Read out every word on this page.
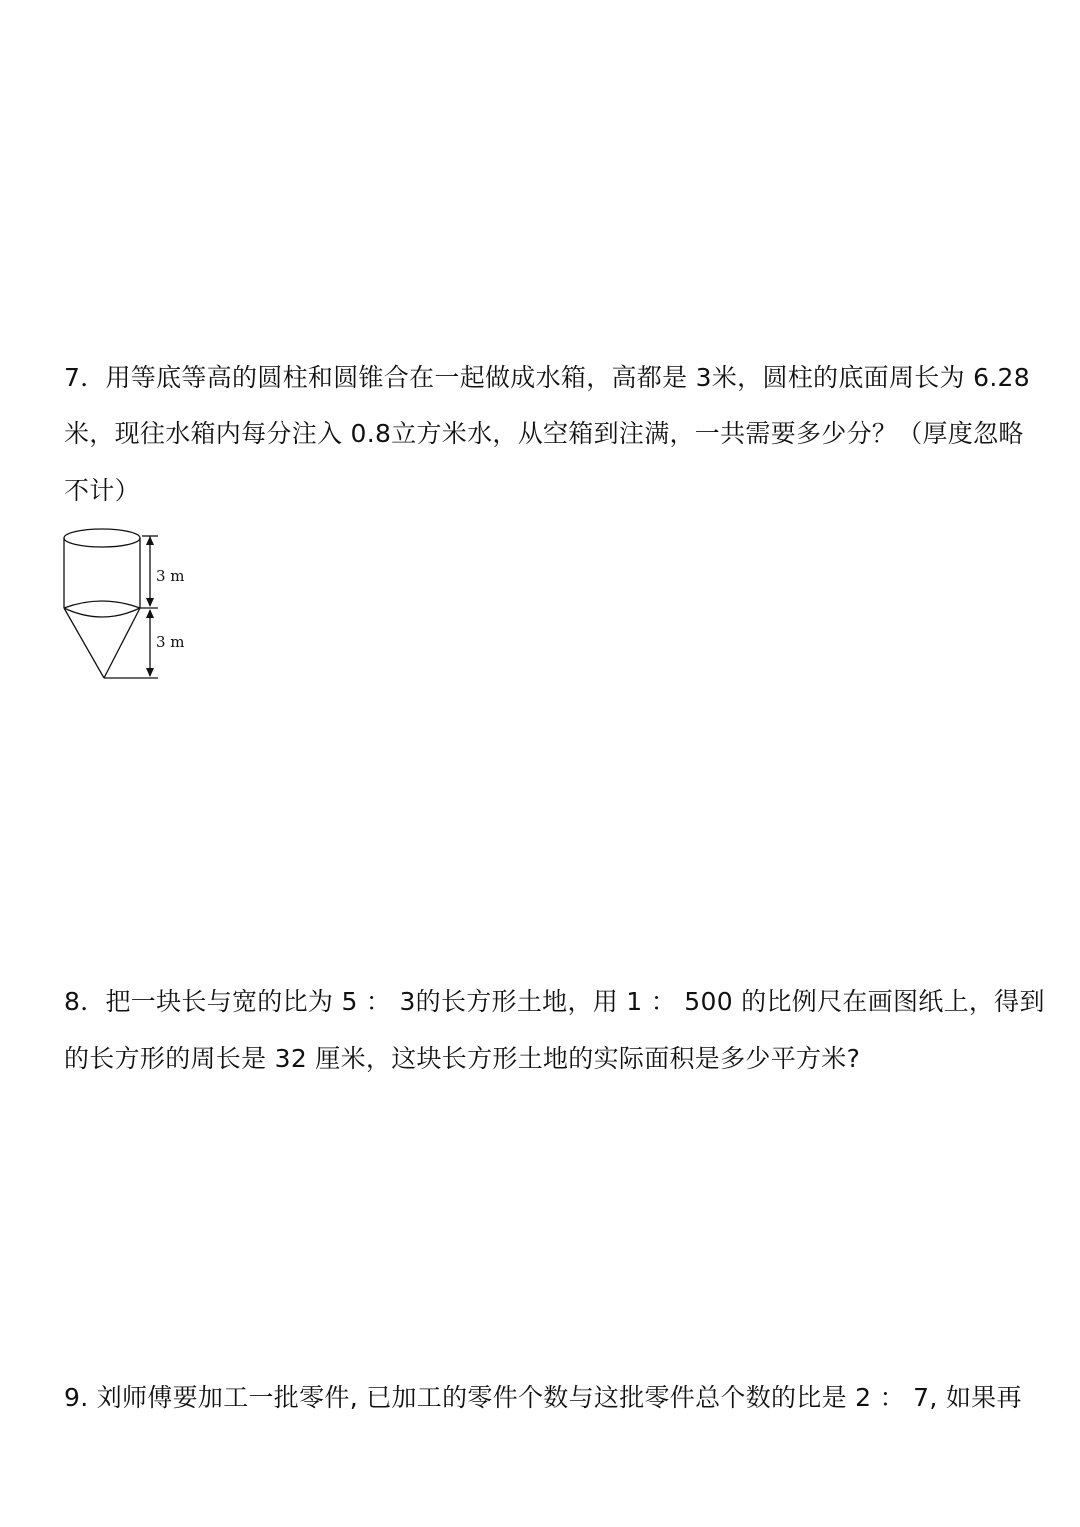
7．用等底等高的圆柱和圆锥合在一起做成水箱，高都是 3米，圆柱的底面周长为 6.28
米，现往水箱内每分注入 0.8立方米水，从空箱到注满，一共需要多少分？（厚度忽略
不计）
3 m
3 m
8．把一块长与宽的比为 5 ： 3的长方形土地，用 1 ： 500 的比例尺在画图纸上，得到
的长方形的周长是 32 厘米，这块长方形土地的实际面积是多少平方米?
9. 刘师傅要加工一批零件, 已加工的零件个数与这批零件总个数的比是 2 ： 7, 如果再
